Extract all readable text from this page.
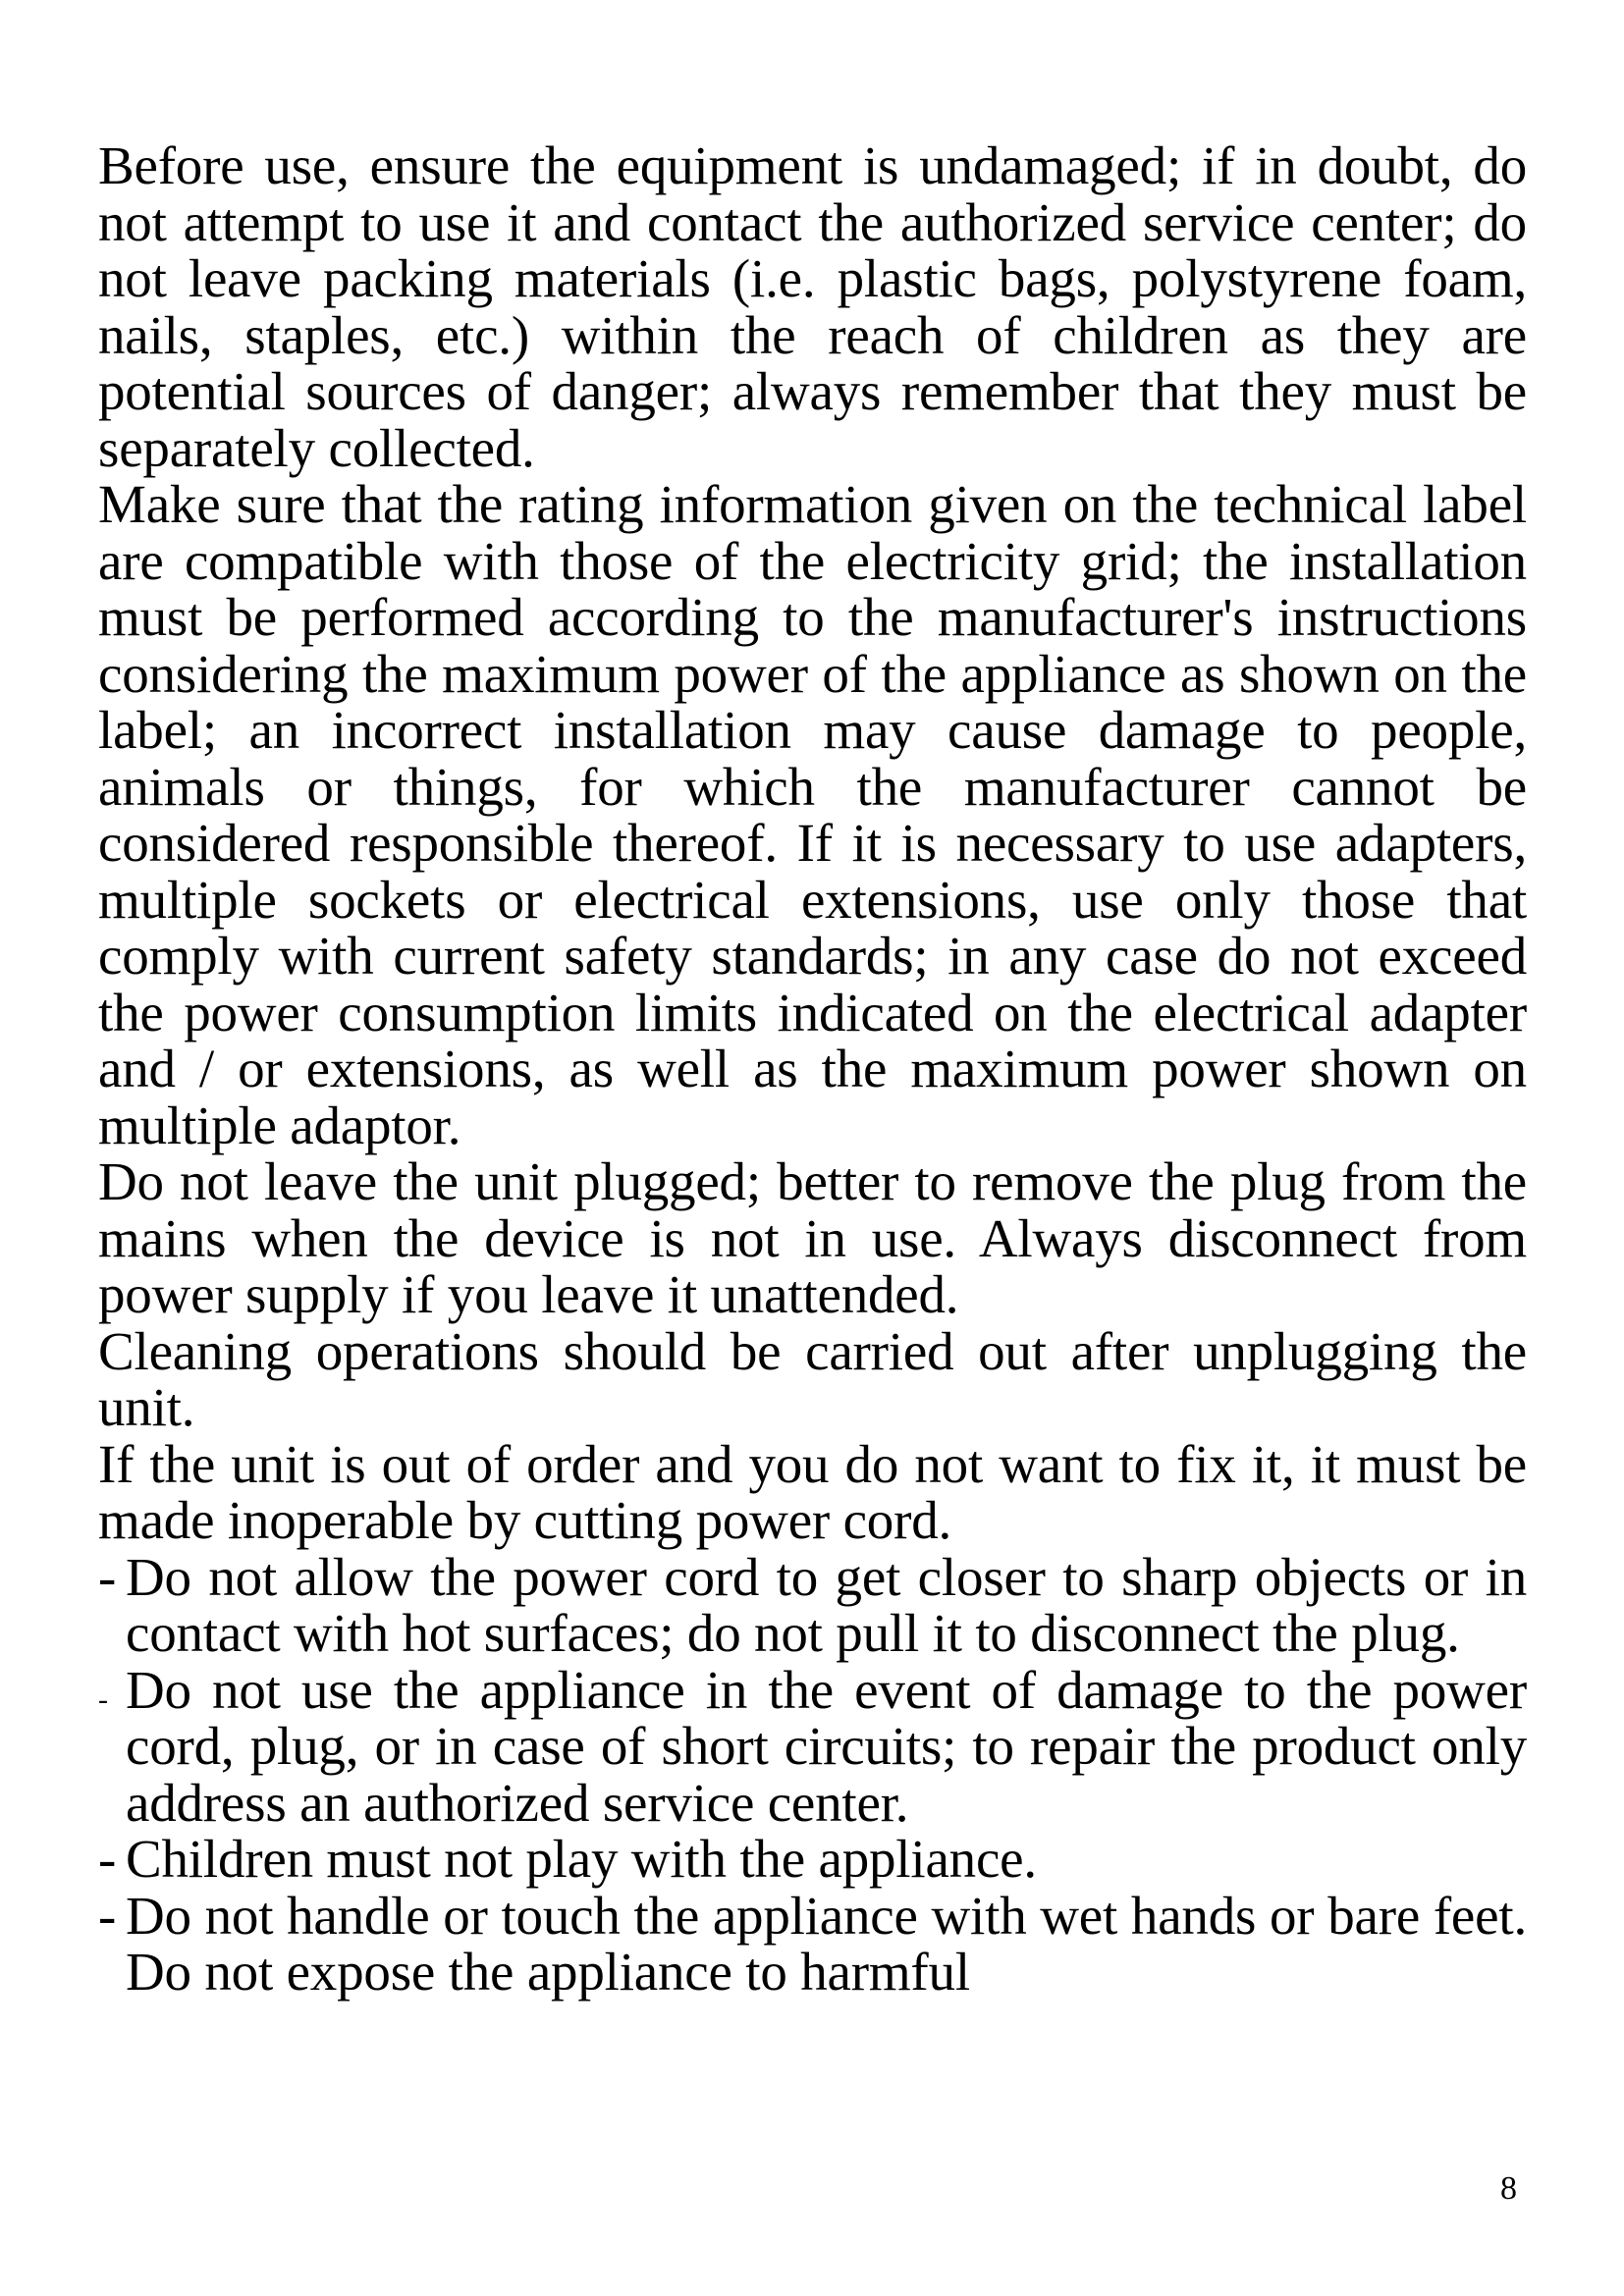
Before use, ensure the equipment is undamaged; if in doubt, do not attempt to use it and contact the authorized service center; do not leave packing materials (i.e. plastic bags, polystyrene foam, nails, staples, etc.) within the reach of children as they are potential sources of danger; always remember that they must be separately collected.

Make sure that the rating information given on the technical label are compatible with those of the electricity grid; the installation must be performed according to the manufacturer's instructions considering the maximum power of the appliance as shown on the label; an incorrect installation may cause damage to people, animals or things, for which the manufacturer cannot be considered responsible thereof. If it is necessary to use adapters, multiple sockets or electrical extensions, use only those that comply with current safety standards; in any case do not exceed the power consumption limits indicated on the electrical adapter and / or extensions, as well as the maximum power shown on multiple adaptor.

Do not leave the unit plugged; better to remove the plug from the mains when the device is not in use. Always disconnect from power supply if you leave it unattended.

Cleaning operations should be carried out after unplugging the unit.

If the unit is out of order and you do not want to fix it, it must be made inoperable by cutting power cord.

- Do not allow the power cord to get closer to sharp objects or in contact with hot surfaces; do not pull it to disconnect the plug.
- Do not use the appliance in the event of damage to the power cord, plug, or in case of short circuits; to repair the product only address an authorized service center.
- Children must not play with the appliance.
- Do not handle or touch the appliance with wet hands or bare feet. Do not expose the appliance to harmful
8
